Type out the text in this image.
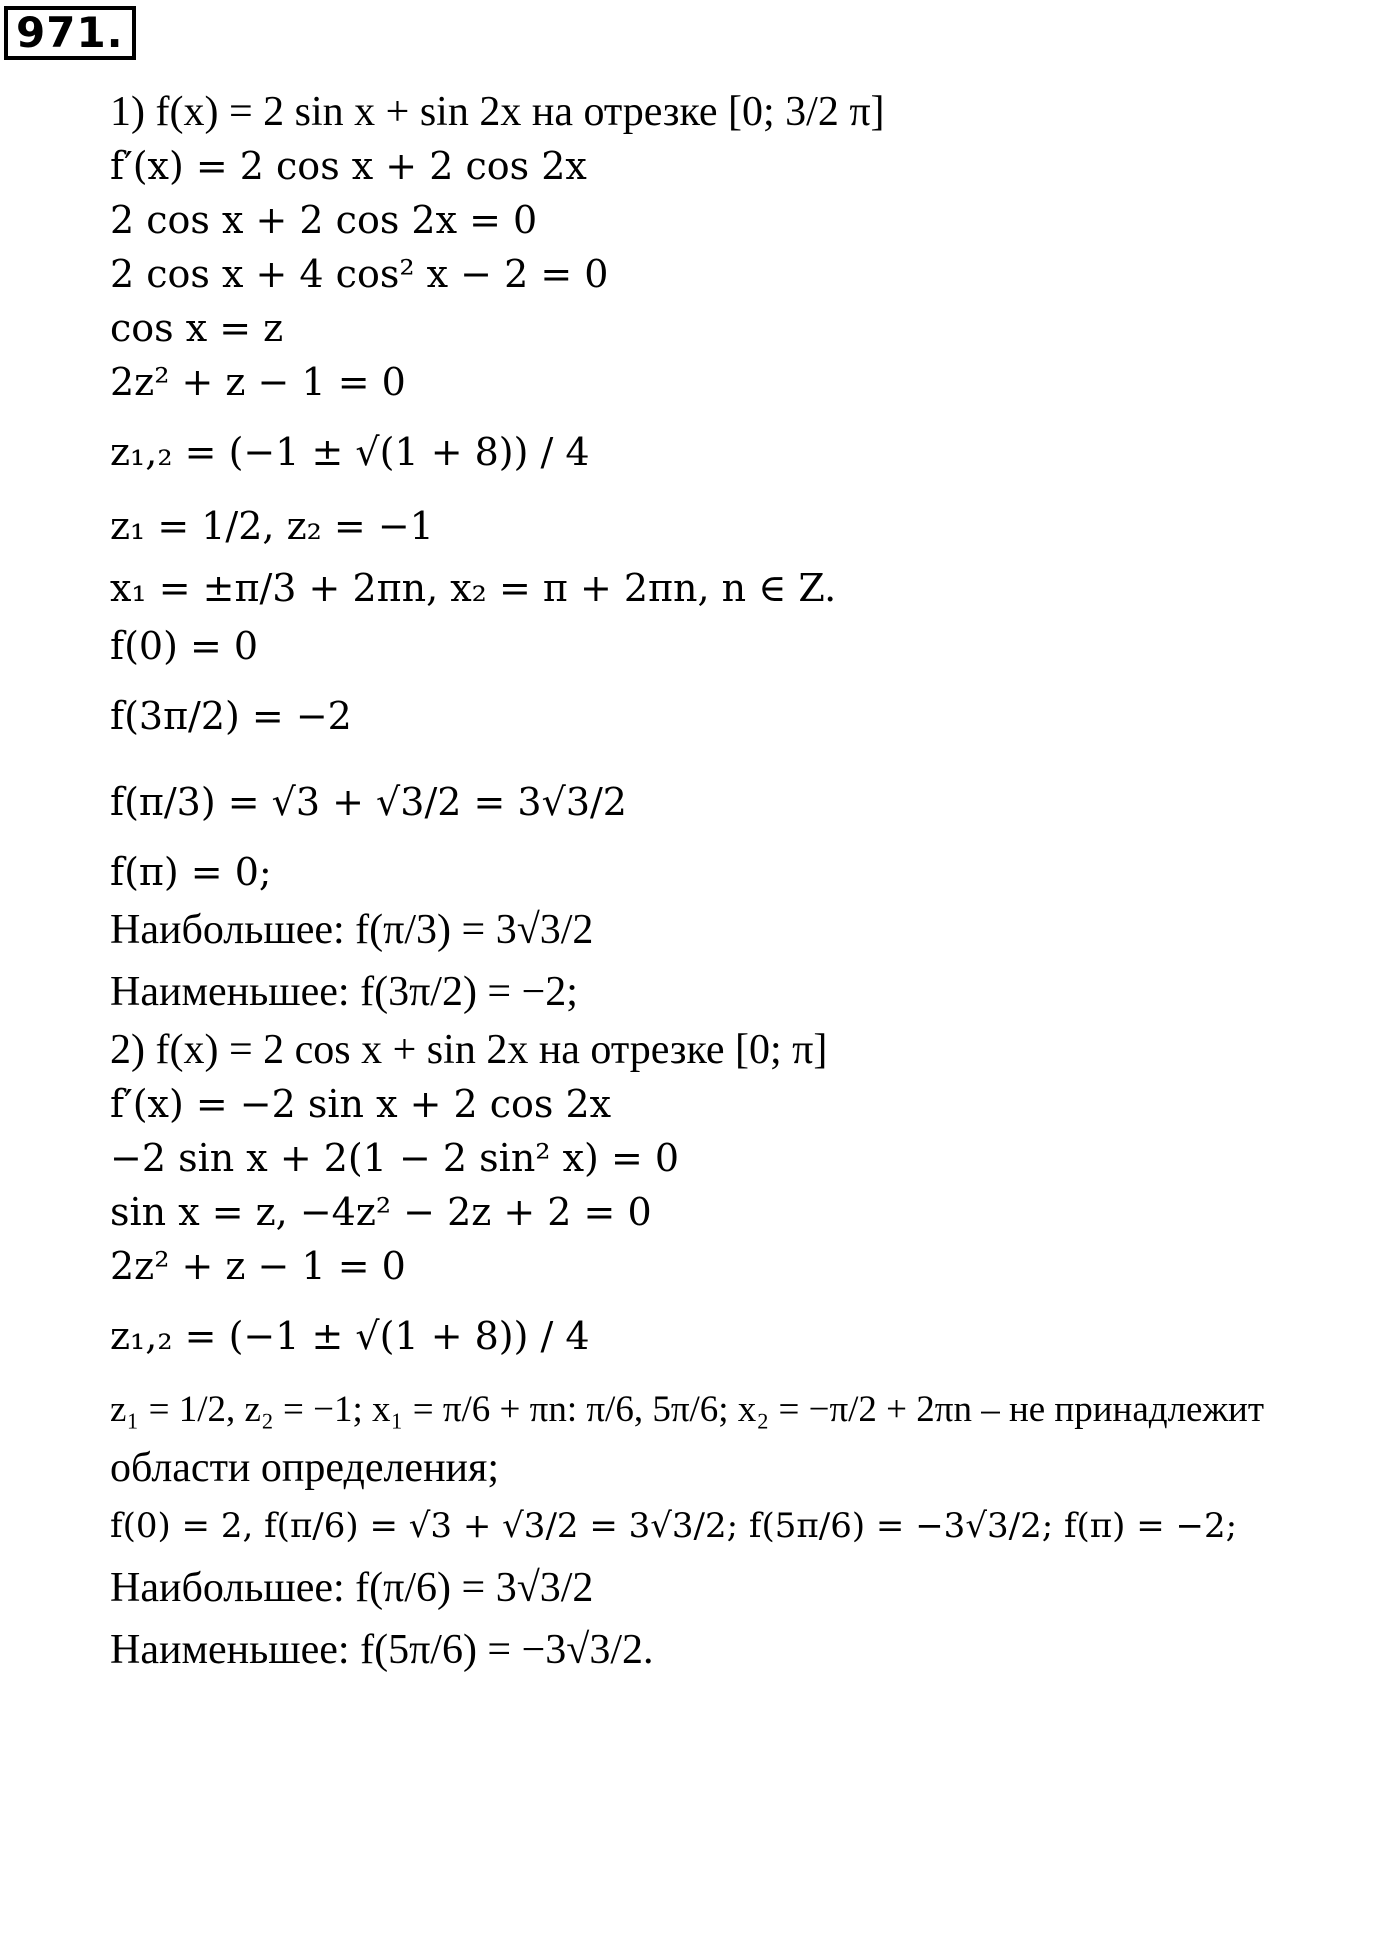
971.
1) f(x) = 2 sin x + sin 2x на отрезке [0; 3/2 π]
f′(x) = 2 cos x + 2 cos 2x
2 cos x + 2 cos 2x = 0
2 cos x + 4 cos² x − 2 = 0
cos x = z
2z² + z − 1 = 0
z₁,₂ = (−1 ± √(1 + 8)) / 4
z₁ = 1/2, z₂ = −1
x₁ = ±π/3 + 2πn, x₂ = π + 2πn, n ∈ Z.
f(0) = 0
f(3π/2) = −2
f(π/3) = √3 + √3/2 = 3√3/2
f(π) = 0;
Наибольшее: f(π/3) = 3√3/2
Наименьшее: f(3π/2) = −2;
2) f(x) = 2 cos x + sin 2x на отрезке [0; π]
f′(x) = −2 sin x + 2 cos 2x
−2 sin x + 2(1 − 2 sin² x) = 0
sin x = z, −4z² − 2z + 2 = 0
2z² + z − 1 = 0
z₁,₂ = (−1 ± √(1 + 8)) / 4
z₁ = 1/2, z₂ = −1; x₁ = π/6 + πn: π/6, 5π/6; x₂ = −π/2 + 2πn – не принадлежит
области определения;
f(0) = 2, f(π/6) = √3 + √3/2 = 3√3/2; f(5π/6) = −3√3/2; f(π) = −2;
Наибольшее: f(π/6) = 3√3/2
Наименьшее: f(5π/6) = −3√3/2.
